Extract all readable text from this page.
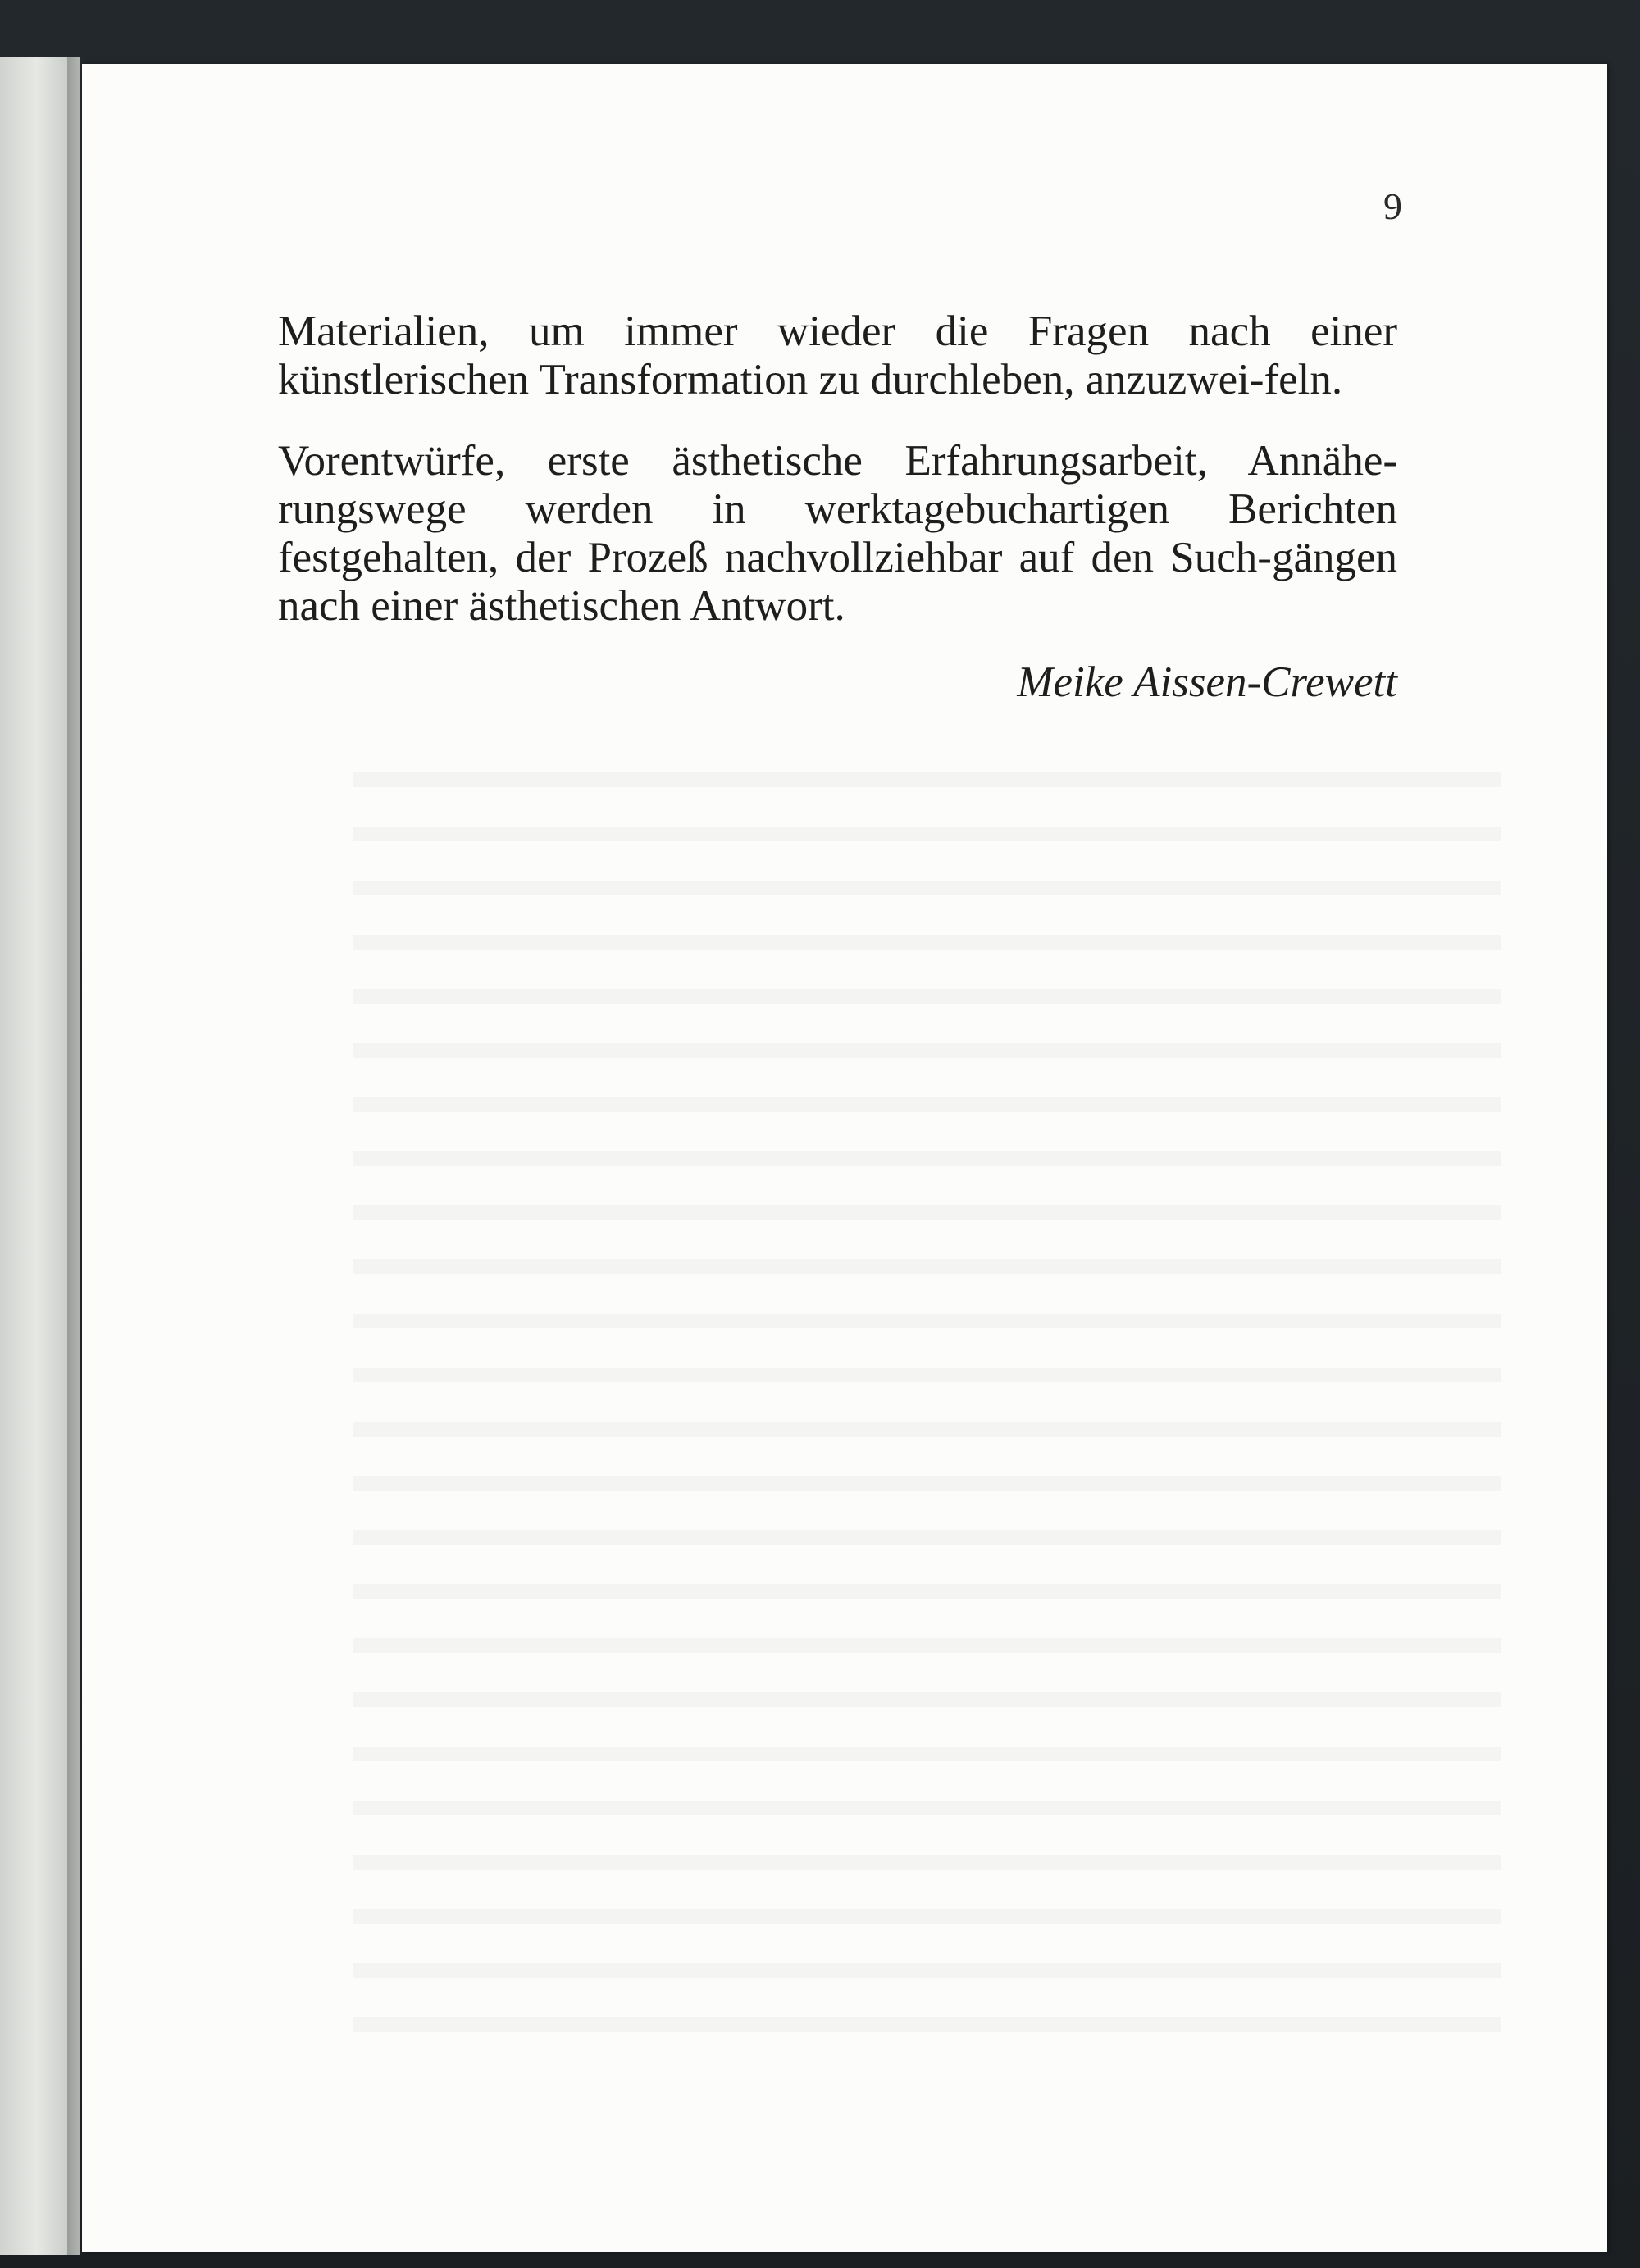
9

Materialien, um immer wieder die Fragen nach einer künstlerischen Transformation zu durchleben, anzuzwei-feln.

Vorentwürfe, erste ästhetische Erfahrungsarbeit, Annähe-rungswege werden in werktagebuchartigen Berichten festgehalten, der Prozeß nachvollziehbar auf den Such-gängen nach einer ästhetischen Antwort.

Meike Aissen-Crewett
